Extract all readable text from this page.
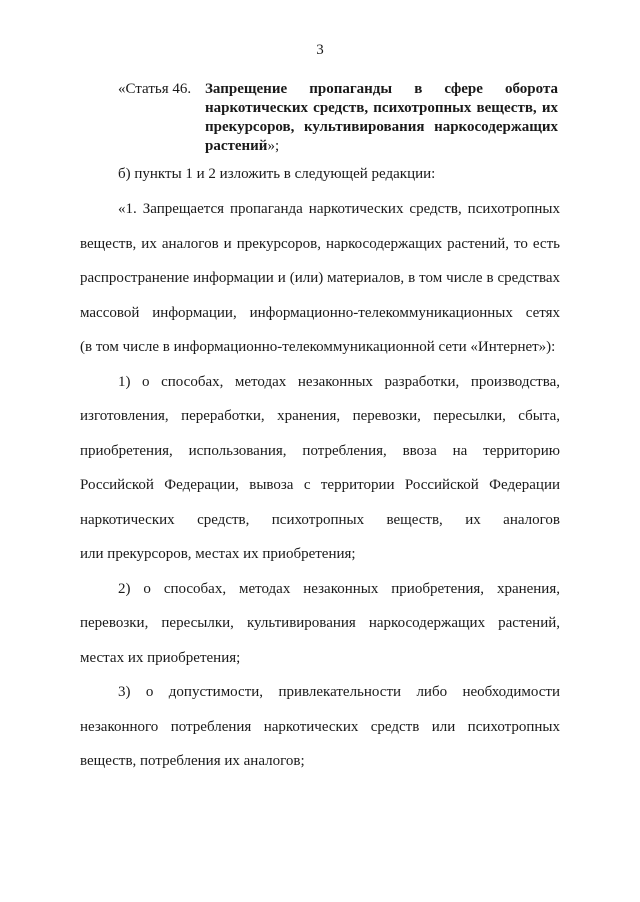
3
«Статья 46. Запрещение пропаганды в сфере оборота наркотических средств, психотропных веществ, их прекурсоров, культивирования наркосодержащих растений»;
б) пункты 1 и 2 изложить в следующей редакции:
«1. Запрещается пропаганда наркотических средств, психотропных
веществ, их аналогов и прекурсоров, наркосодержащих растений, то есть
распространение информации и (или) материалов, в том числе в средствах
массовой информации, информационно-телекоммуникационных сетях
(в том числе в информационно-телекоммуникационной сети «Интернет»):
1) о способах, методах незаконных разработки, производства,
изготовления, переработки, хранения, перевозки, пересылки, сбыта,
приобретения, использования, потребления, ввоза на территорию
Российской Федерации, вывоза с территории Российской Федерации
наркотических средств, психотропных веществ, их аналогов
или прекурсоров, местах их приобретения;
2) о способах, методах незаконных приобретения, хранения,
перевозки, пересылки, культивирования наркосодержащих растений,
местах их приобретения;
3) о допустимости, привлекательности либо необходимости
незаконного потребления наркотических средств или психотропных
веществ, потребления их аналогов;
